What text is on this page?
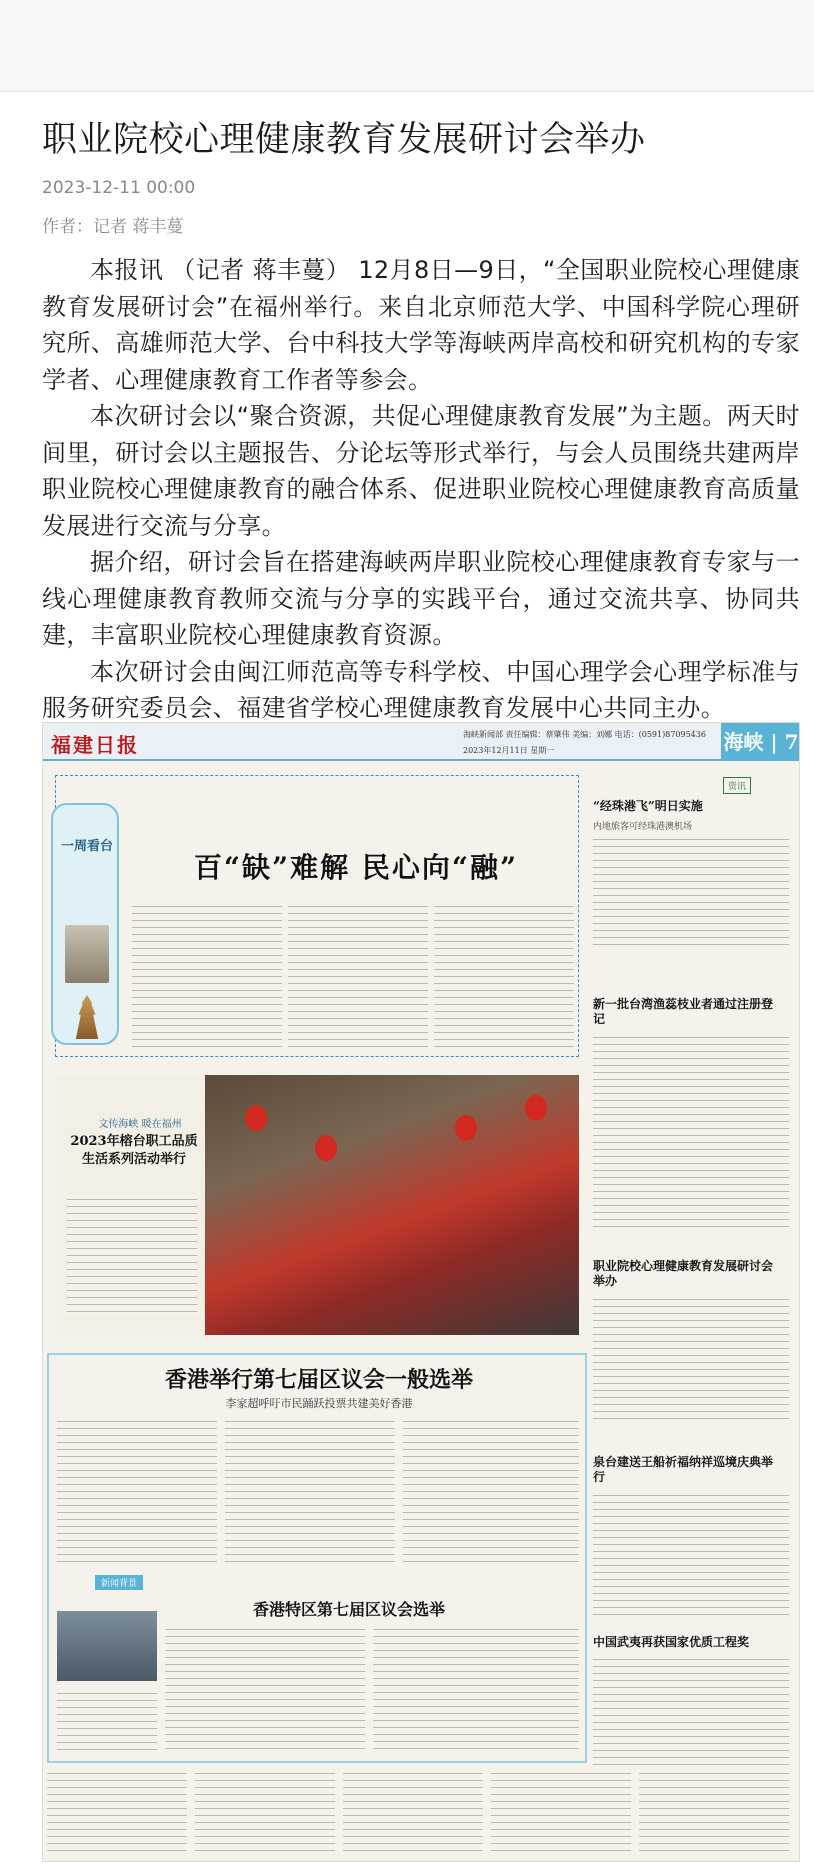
职业院校心理健康教育发展研讨会举办
2023-12-11 00:00
作者：记者 蒋丰蔓

本报讯 （记者 蒋丰蔓） 12月8日—9日，“全国职业院校心理健康教育发展研讨会”在福州举行。来自北京师范大学、中国科学院心理研究所、高雄师范大学、台中科技大学等海峡两岸高校和研究机构的专家学者、心理健康教育工作者等参会。

本次研讨会以“聚合资源，共促心理健康教育发展”为主题。两天时间里，研讨会以主题报告、分论坛等形式举行，与会人员围绕共建两岸职业院校心理健康教育的融合体系、促进职业院校心理健康教育高质量发展进行交流与分享。

据介绍，研讨会旨在搭建海峡两岸职业院校心理健康教育专家与一线心理健康教育教师交流与分享的实践平台，通过交流共享、协同共建，丰富职业院校心理健康教育资源。

本次研讨会由闽江师范高等专科学校、中国心理学会心理学标准与服务研究委员会、福建省学校心理健康教育发展中心共同主办。

福建日报	海峡新闻部 责任编辑：蔡肇伟 美编：刘娜 电话：(0591)87095436
2023年12月11日 星期一	海峡 | 7
百“缺”难解 民心向“融”
一周看台
资讯
“经珠港飞”明日实施
内地旅客可经珠港澳机场
新一批台湾渔蕊枝业者通过注册登记
职业院校心理健康教育发展研讨会举办
泉台建送王船祈福纳祥巡境庆典举行
中国武夷再获国家优质工程奖
文传海峡 暖在福州
2023年榕台职工品质生活系列活动举行
香港举行第七届区议会一般选举
李家超呼吁市民踊跃投票共建美好香港
新闻背景
香港特区第七届区议会选举
